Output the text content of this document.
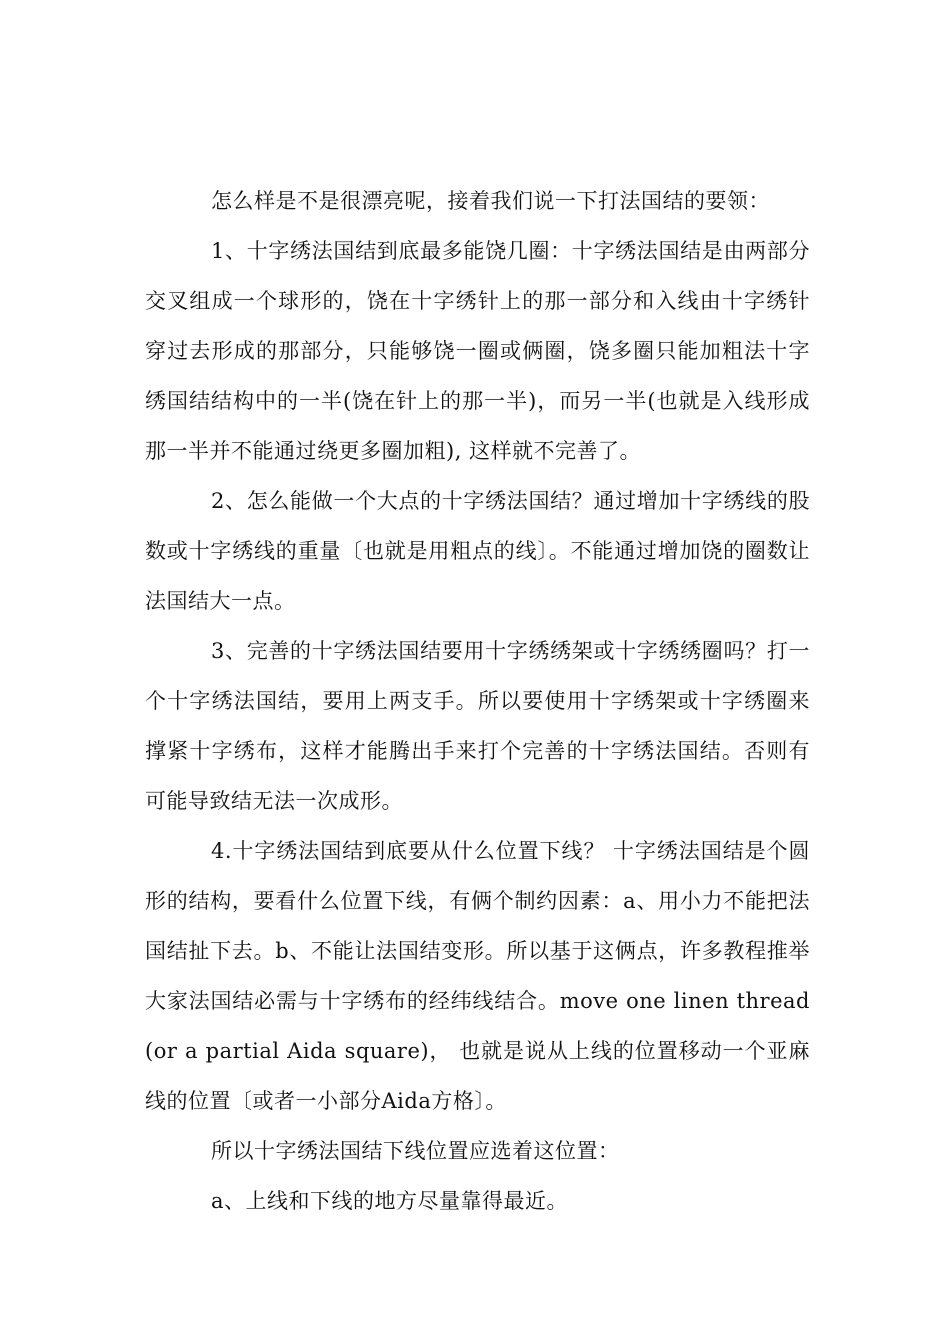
怎么样是不是很漂亮呢，接着我们说一下打法国结的要领：

1、十字绣法国结到底最多能饶几圈：十字绣法国结是由两部分交叉组成一个球形的，饶在十字绣针上的那一部分和入线由十字绣针穿过去形成的那部分，只能够饶一圈或俩圈，饶多圈只能加粗法十字绣国结结构中的一半(饶在针上的那一半)，而另一半(也就是入线形成那一半并不能通过绕更多圈加粗), 这样就不完善了。

2、怎么能做一个大点的十字绣法国结？通过增加十字绣线的股数或十字绣线的重量〔也就是用粗点的线〕。不能通过增加饶的圈数让法国结大一点。

3、完善的十字绣法国结要用十字绣绣架或十字绣绣圈吗？打一个十字绣法国结，要用上两支手。所以要使用十字绣架或十字绣圈来撑紧十字绣布，这样才能腾出手来打个完善的十字绣法国结。否则有可能导致结无法一次成形。

4.十字绣法国结到底要从什么位置下线？ 十字绣法国结是个圆形的结构，要看什么位置下线，有俩个制约因素：a、用小力不能把法国结扯下去。b、不能让法国结变形。所以基于这俩点，许多教程推举大家法国结必需与十字绣布的经纬线结合。move one linen thread(or a partial Aida square)， 也就是说从上线的位置移动一个亚麻线的位置〔或者一小部分Aida方格〕。

所以十字绣法国结下线位置应选着这位置：

a、上线和下线的地方尽量靠得最近。
